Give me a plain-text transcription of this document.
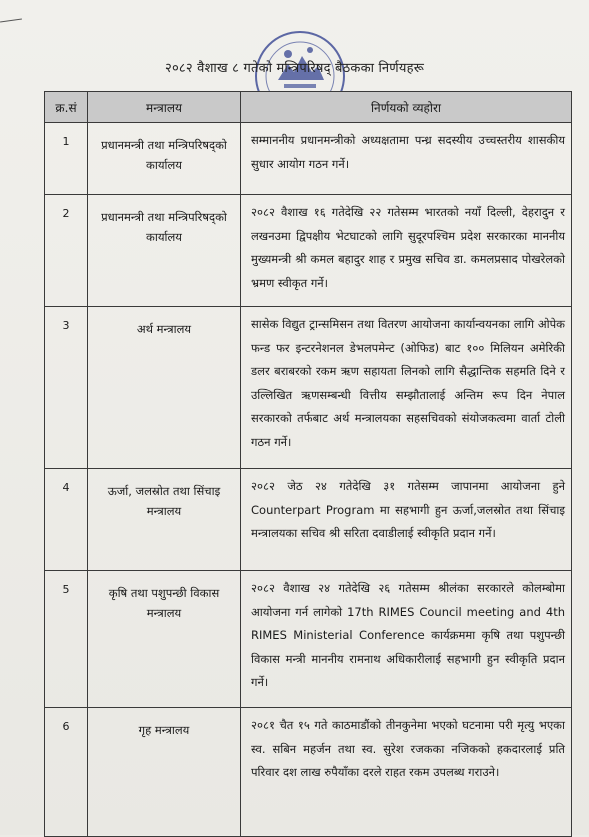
२०८२ वैशाख ८ गतेको मन्त्रिपरिषद् बैठकका निर्णयहरू
क्र.सं	मन्त्रालय	निर्णयको व्यहोरा
1	प्रधानमन्त्री तथा मन्त्रिपरिषद्‌को कार्यालय	सम्माननीय प्रधानमन्त्रीको अध्यक्षतामा पन्ध्र सदस्यीय उच्चस्तरीय शासकीय सुधार आयोग गठन गर्ने।
2	प्रधानमन्त्री तथा मन्त्रिपरिषद्‌को कार्यालय	२०८२ वैशाख १६ गतेदेखि २२ गतेसम्म भारतको नयाँ दिल्ली, देहरादुन र लखनउमा द्विपक्षीय भेटघाटको लागि सुदूरपश्चिम प्रदेश सरकारका माननीय मुख्यमन्त्री श्री कमल बहादुर शाह र प्रमुख सचिव डा. कमलप्रसाद पोखरेलको भ्रमण स्वीकृत गर्ने।
3	अर्थ मन्त्रालय	सासेक विद्युत ट्रान्समिसन तथा वितरण आयोजना कार्यान्वयनका लागि ओपेक फन्ड फर इन्टरनेशनल डेभलपमेन्ट (ओफिड) बाट १०० मिलियन अमेरिकी डलर बराबरको रकम ऋण सहायता लिनको लागि सैद्धान्तिक सहमति दिने र उल्लिखित ऋणसम्बन्धी वित्तीय सम्झौतालाई अन्तिम रूप दिन नेपाल सरकारको तर्फबाट अर्थ मन्त्रालयका सहसचिवको संयोजकत्वमा वार्ता टोली गठन गर्ने।
4	ऊर्जा, जलस्रोत तथा सिंचाइ मन्त्रालय	२०८२ जेठ २४ गतेदेखि ३१ गतेसम्म जापानमा आयोजना हुने Counterpart Program मा सहभागी हुन ऊर्जा,जलस्रोत तथा सिंचाइ मन्त्रालयका सचिव श्री सरिता दवाडीलाई स्वीकृति प्रदान गर्ने।
5	कृषि तथा पशुपन्छी विकास मन्त्रालय	२०८२ वैशाख २४ गतेदेखि २६ गतेसम्म श्रीलंका सरकारले कोलम्बोमा आयोजना गर्न लागेको 17th RIMES Council meeting and 4th RIMES Ministerial Conference कार्यक्रममा कृषि तथा पशुपन्छी विकास मन्त्री माननीय रामनाथ अधिकारीलाई सहभागी हुन स्वीकृति प्रदान गर्ने।
6	गृह मन्त्रालय	२०८१ चैत १५ गते काठमाडौंको तीनकुनेमा भएको घटनामा परी मृत्यु भएका स्व. सबिन महर्जन तथा स्व. सुरेश रजकका नजिकको हकदारलाई प्रति परिवार दश लाख रुपैयाँका दरले राहत रकम उपलब्ध गराउने।
